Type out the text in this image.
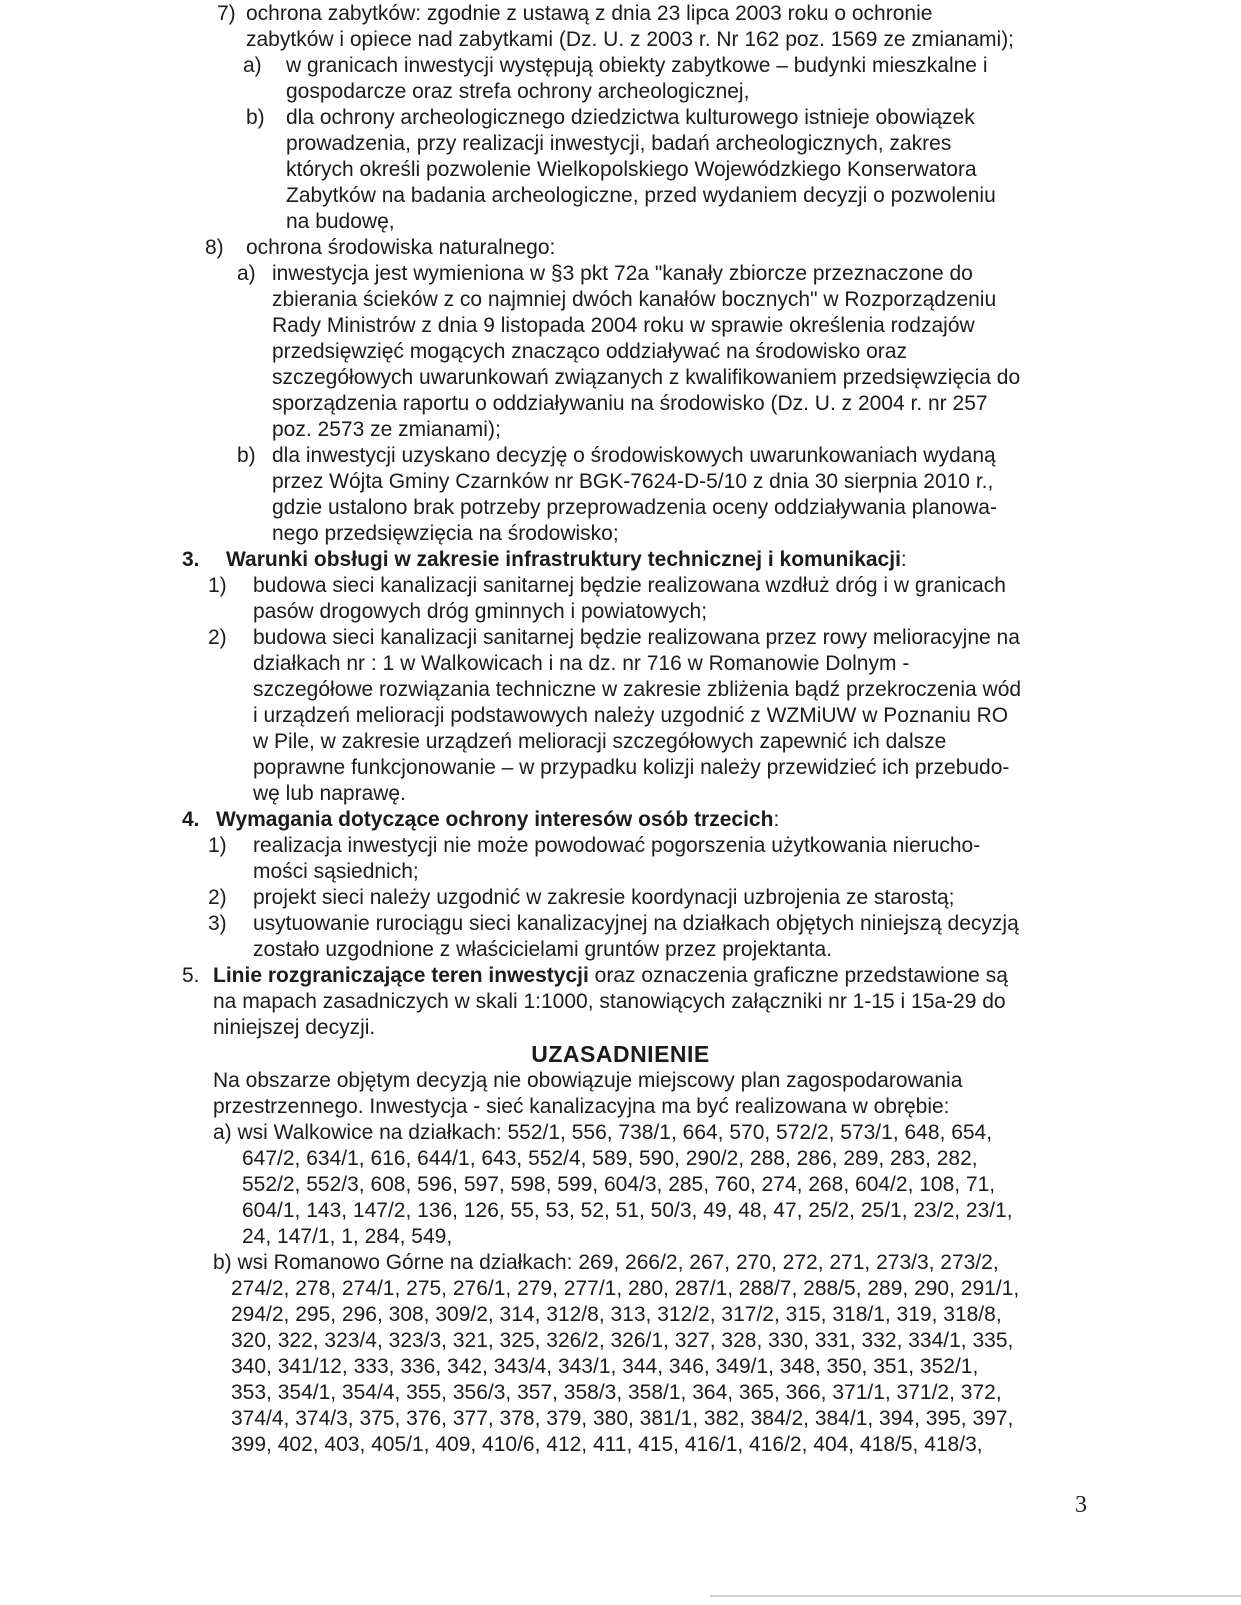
7) ochrona zabytków: zgodnie z ustawą z dnia 23 lipca 2003 roku o ochronie
zabytków i opiece nad zabytkami (Dz. U. z 2003 r. Nr 162 poz. 1569 ze zmianami);
a) w granicach inwestycji występują obiekty zabytkowe – budynki mieszkalne i
gospodarcze oraz strefa ochrony archeologicznej,
b) dla ochrony archeologicznego dziedzictwa kulturowego istnieje obowiązek
prowadzenia, przy realizacji inwestycji, badań archeologicznych, zakres
których określi pozwolenie Wielkopolskiego Wojewódzkiego Konserwatora
Zabytków na badania archeologiczne, przed wydaniem decyzji o pozwoleniu
na budowę,
8) ochrona środowiska naturalnego:
a) inwestycja jest wymieniona w §3 pkt 72a "kanały zbiorcze przeznaczone do
zbierania ścieków z co najmniej dwóch kanałów bocznych" w Rozporządzeniu
Rady Ministrów z dnia 9 listopada 2004 roku w sprawie określenia rodzajów
przedsięwzięć mogących znacząco oddziaływać na środowisko oraz
szczegółowych uwarunkowań związanych z kwalifikowaniem przedsięwzięcia do
sporządzenia raportu o oddziaływaniu na środowisko (Dz. U. z 2004 r. nr 257
poz. 2573 ze zmianami);
b) dla inwestycji uzyskano decyzję o środowiskowych uwarunkowaniach wydaną
przez Wójta Gminy Czarnków nr BGK-7624-D-5/10 z dnia 30 sierpnia 2010 r.,
gdzie ustalono brak potrzeby przeprowadzenia oceny oddziaływania planowa-
nego przedsięwzięcia na środowisko;
3. Warunki obsługi w zakresie infrastruktury technicznej i komunikacji:
1) budowa sieci kanalizacji sanitarnej będzie realizowana wzdłuż dróg i w granicach
pasów drogowych dróg gminnych i powiatowych;
2) budowa sieci kanalizacji sanitarnej będzie realizowana przez rowy melioracyjne na
działkach nr : 1 w Walkowicach i na dz. nr 716 w Romanowie Dolnym -
szczegółowe rozwiązania techniczne w zakresie zbliżenia bądź przekroczenia wód
i urządzeń melioracji podstawowych należy uzgodnić z WZMiUW w Poznaniu RO
w Pile, w zakresie urządzeń melioracji szczegółowych zapewnić ich dalsze
poprawne funkcjonowanie – w przypadku kolizji należy przewidzieć ich przebudo-
wę lub naprawę.
4. Wymagania dotyczące ochrony interesów osób trzecich:
1) realizacja inwestycji nie może powodować pogorszenia użytkowania nierucho-
mości sąsiednich;
2) projekt sieci należy uzgodnić w zakresie koordynacji uzbrojenia ze starostą;
3) usytuowanie rurociągu sieci kanalizacyjnej na działkach objętych niniejszą decyzją
zostało uzgodnione z właścicielami gruntów przez projektanta.
5. Linie rozgraniczające teren inwestycji oraz oznaczenia graficzne przedstawione są
na mapach zasadniczych w skali 1:1000, stanowiących załączniki nr 1-15 i 15a-29 do
niniejszej decyzji.
UZASADNIENIE
Na obszarze objętym decyzją nie obowiązuje miejscowy plan zagospodarowania
przestrzennego. Inwestycja - sieć kanalizacyjna ma być realizowana w obrębie:
a) wsi Walkowice na działkach: 552/1, 556, 738/1, 664, 570, 572/2, 573/1, 648, 654,
647/2, 634/1, 616, 644/1, 643, 552/4, 589, 590, 290/2, 288, 286, 289, 283, 282,
552/2, 552/3, 608, 596, 597, 598, 599, 604/3, 285, 760, 274, 268, 604/2, 108, 71,
604/1, 143, 147/2, 136, 126, 55, 53, 52, 51, 50/3, 49, 48, 47, 25/2, 25/1, 23/2, 23/1,
24, 147/1, 1, 284, 549,
b) wsi Romanowo Górne na działkach: 269, 266/2, 267, 270, 272, 271, 273/3, 273/2,
274/2, 278, 274/1, 275, 276/1, 279, 277/1, 280, 287/1, 288/7, 288/5, 289, 290, 291/1,
294/2, 295, 296, 308, 309/2, 314, 312/8, 313, 312/2, 317/2, 315, 318/1, 319, 318/8,
320, 322, 323/4, 323/3, 321, 325, 326/2, 326/1, 327, 328, 330, 331, 332, 334/1, 335,
340, 341/12, 333, 336, 342, 343/4, 343/1, 344, 346, 349/1, 348, 350, 351, 352/1,
353, 354/1, 354/4, 355, 356/3, 357, 358/3, 358/1, 364, 365, 366, 371/1, 371/2, 372,
374/4, 374/3, 375, 376, 377, 378, 379, 380, 381/1, 382, 384/2, 384/1, 394, 395, 397,
399, 402, 403, 405/1, 409, 410/6, 412, 411, 415, 416/1, 416/2, 404, 418/5, 418/3,
3
